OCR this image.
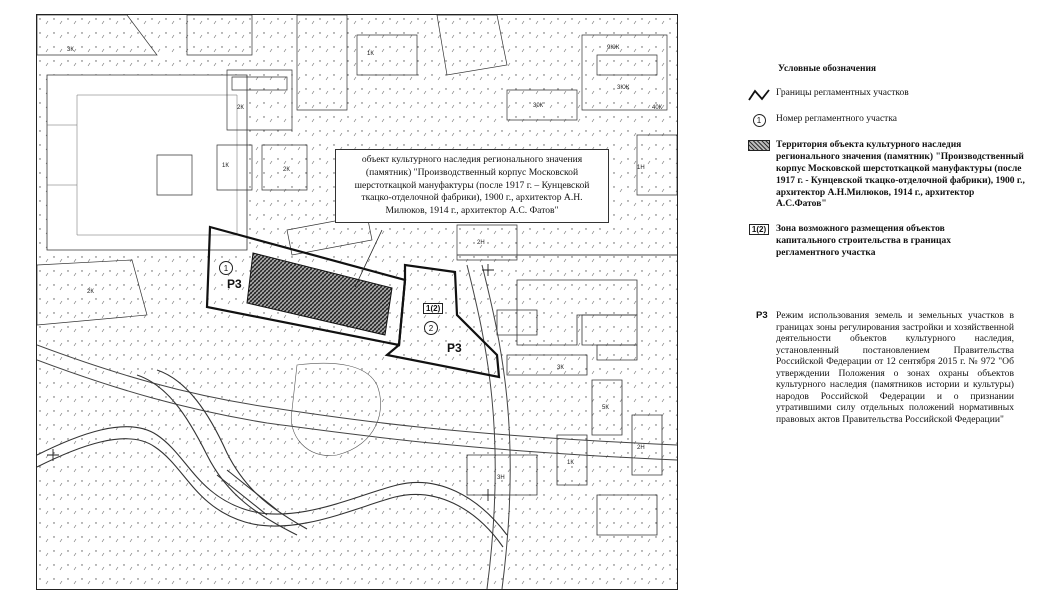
2К
3К
2К
1К
2К
3К
1Н
1К
2Н
9КЖ
3КЖ
40К
30К
5К
2Н
1К
3Н
Р3
Р3
1
2
1(2)
объект культурного наследия регионального значения (памятник) "Производственный корпус Московской шерстоткацкой мануфактуры (после 1917 г. – Кунцевской ткацко-отделочной фабрики), 1900 г., архитектор А.Н. Милюков, 1914 г., архитектор А.С. Фатов"
Условные обозначения
Границы регламентных участков
1	Номер регламентного участка
Территория объекта культурного наследия регионального значения (памятник) "Производственный корпус Московской шерстоткацкой мануфактуры (после 1917 г. - Кунцевской ткацко-отделочной фабрики), 1900 г., архитектор А.Н.Милюков, 1914 г., архитектор А.С.Фатов"
1(2)	Зона возможного размещения объектов капитального строительства в границах регламентного участка
Р3 Режим использования земель и земельных участков в границах зоны регулирования застройки и хозяйственной деятельности объектов культурного наследия, установленный постановлением Правительства Российской Федерации от 12 сентября 2015 г. № 972 "Об утверждении Положения о зонах охраны объектов культурного наследия (памятников истории и культуры) народов Российской Федерации и о признании утратившими силу отдельных положений нормативных правовых актов Правительства Российской Федерации"
